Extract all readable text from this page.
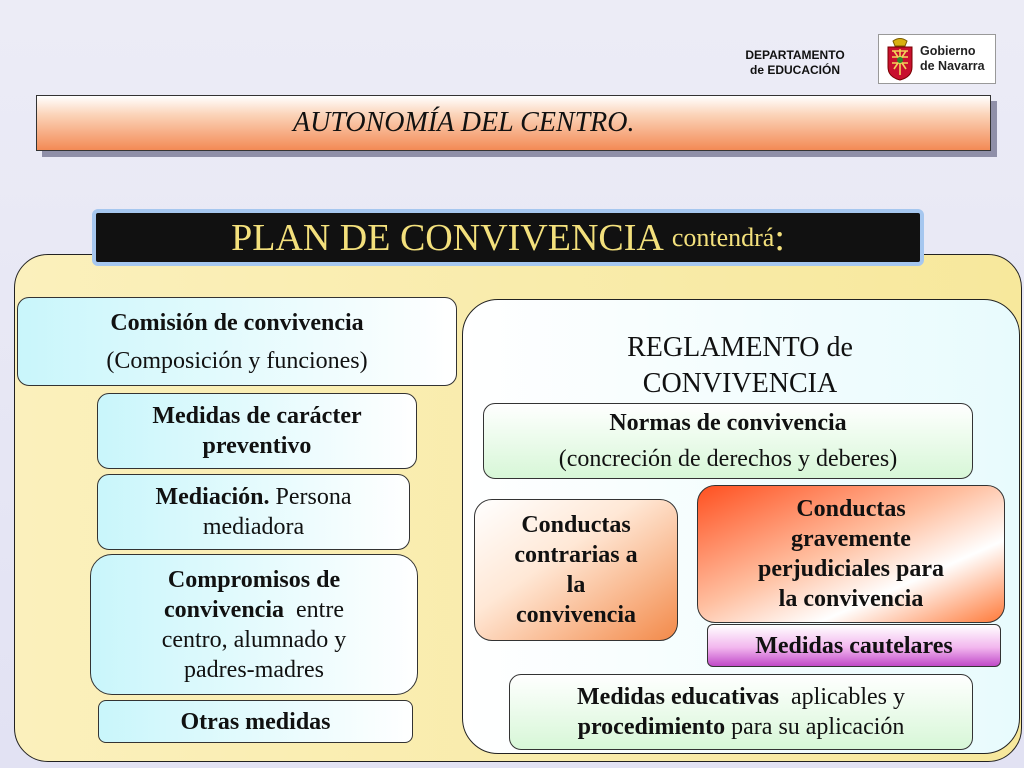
DEPARTAMENTO
de EDUCACIÓN
Gobierno
de Navarra
AUTONOMÍA DEL CENTRO.
PLAN DE CONVIVENCIA contendrá :
Comisión de convivencia
(Composición y funciones)
Medidas de carácter
preventivo
Mediación. Persona
mediadora
Compromisos de
convivencia entre
centro, alumnado y
padres-madres
Otras medidas
REGLAMENTO de
CONVIVENCIA
Normas de convivencia
(concreción de derechos y deberes)
Conductas
contrarias a
la
convivencia
Conductas
gravemente
perjudiciales para
la convivencia
Medidas cautelares
Medidas educativas aplicables y
procedimiento para su aplicación
